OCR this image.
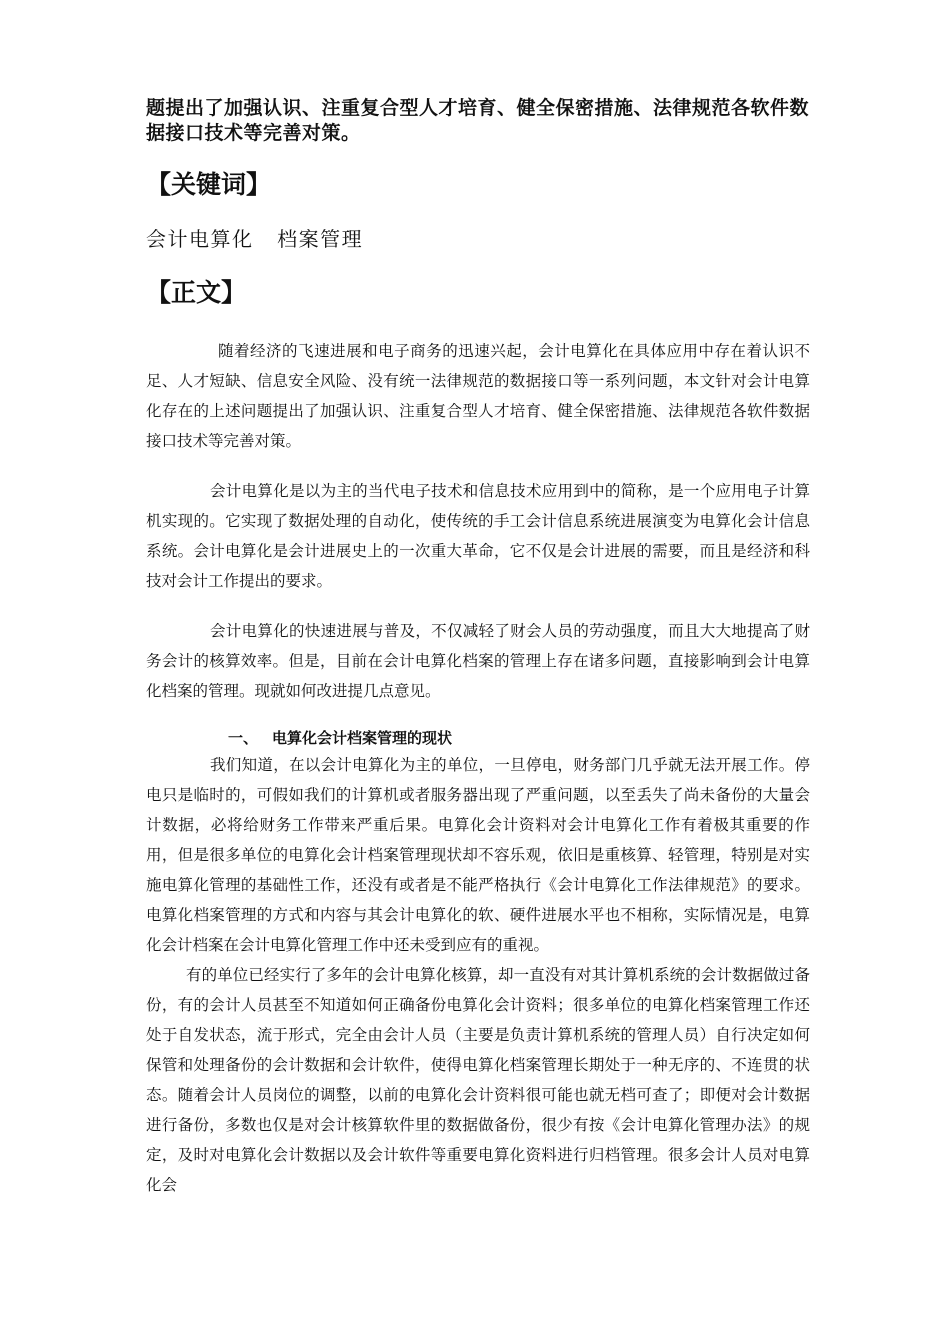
题提出了加强认识、注重复合型人才培育、健全保密措施、法律规范各软件数据接口技术等完善对策。

【关键词】

会计电算化   档案管理

【正文】

随着经济的飞速进展和电子商务的迅速兴起，会计电算化在具体应用中存在着认识不足、人才短缺、信息安全风险、没有统一法律规范的数据接口等一系列问题，本文针对会计电算化存在的上述问题提出了加强认识、注重复合型人才培育、健全保密措施、法律规范各软件数据接口技术等完善对策。

会计电算化是以为主的当代电子技术和信息技术应用到中的简称，是一个应用电子计算机实现的。它实现了数据处理的自动化，使传统的手工会计信息系统进展演变为电算化会计信息系统。会计电算化是会计进展史上的一次重大革命，它不仅是会计进展的需要，而且是经济和科技对会计工作提出的要求。

会计电算化的快速进展与普及，不仅减轻了财会人员的劳动强度，而且大大地提高了财务会计的核算效率。但是，目前在会计电算化档案的管理上存在诸多问题，直接影响到会计电算化档案的管理。现就如何改进提几点意见。

一、 电算化会计档案管理的现状

我们知道，在以会计电算化为主的单位，一旦停电，财务部门几乎就无法开展工作。停电只是临时的，可假如我们的计算机或者服务器出现了严重问题，以至丢失了尚未备份的大量会计数据，必将给财务工作带来严重后果。电算化会计资料对会计电算化工作有着极其重要的作用，但是很多单位的电算化会计档案管理现状却不容乐观，依旧是重核算、轻管理，特别是对实施电算化管理的基础性工作，还没有或者是不能严格执行《会计电算化工作法律规范》的要求。电算化档案管理的方式和内容与其会计电算化的软、硬件进展水平也不相称，实际情况是，电算化会计档案在会计电算化管理工作中还未受到应有的重视。

有的单位已经实行了多年的会计电算化核算，却一直没有对其计算机系统的会计数据做过备份，有的会计人员甚至不知道如何正确备份电算化会计资料；很多单位的电算化档案管理工作还处于自发状态，流于形式，完全由会计人员（主要是负责计算机系统的管理人员）自行决定如何保管和处理备份的会计数据和会计软件，使得电算化档案管理长期处于一种无序的、不连贯的状态。随着会计人员岗位的调整，以前的电算化会计资料很可能也就无档可查了；即便对会计数据进行备份，多数也仅是对会计核算软件里的数据做备份，很少有按《会计电算化管理办法》的规定，及时对电算化会计数据以及会计软件等重要电算化资料进行归档管理。很多会计人员对电算化会
